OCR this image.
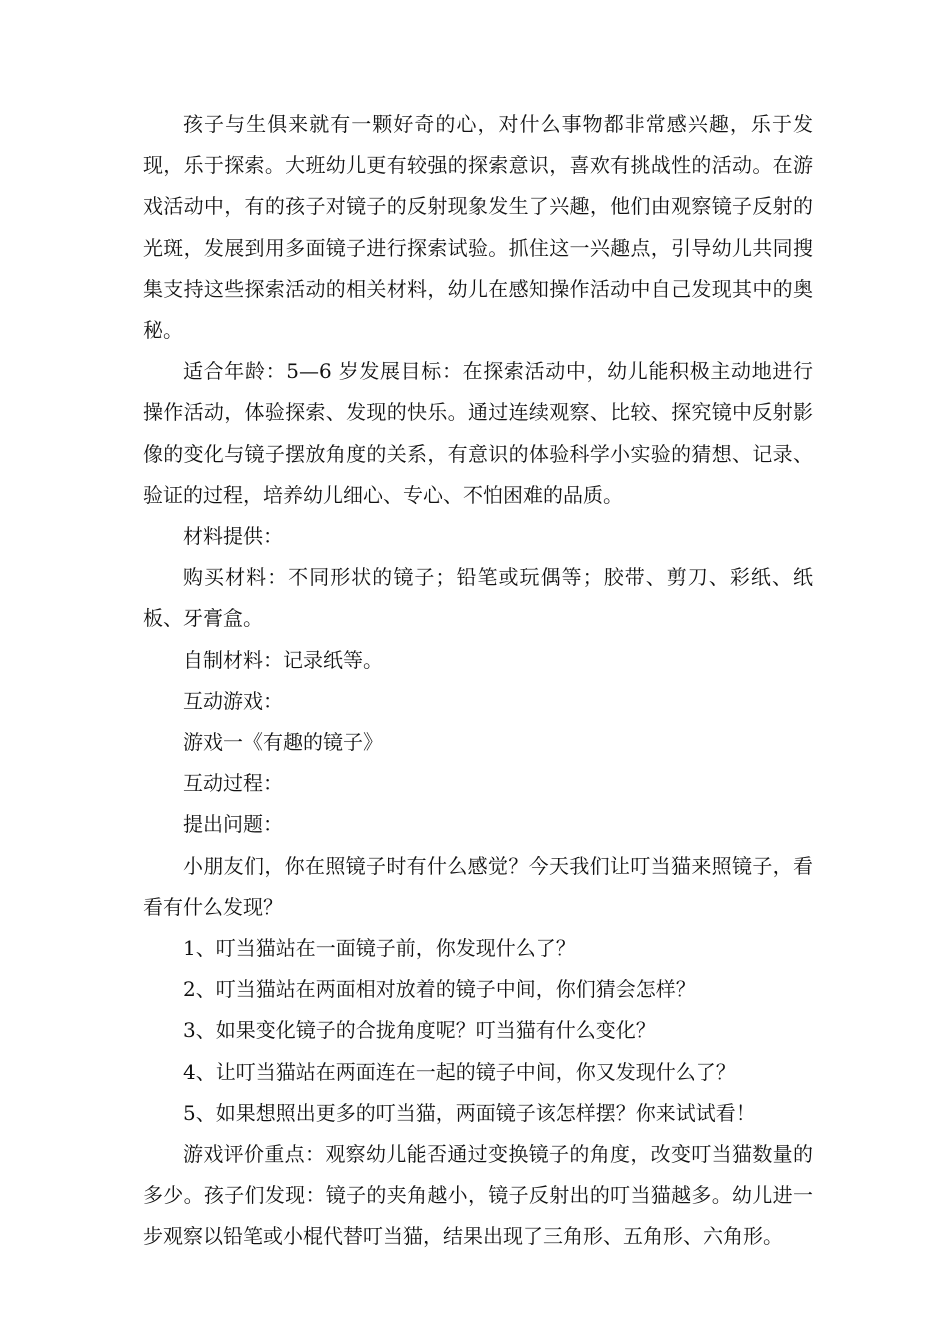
孩子与生俱来就有一颗好奇的心，对什么事物都非常感兴趣，乐于发现，乐于探索。大班幼儿更有较强的探索意识，喜欢有挑战性的活动。在游戏活动中，有的孩子对镜子的反射现象发生了兴趣，他们由观察镜子反射的光斑，发展到用多面镜子进行探索试验。抓住这一兴趣点，引导幼儿共同搜集支持这些探索活动的相关材料，幼儿在感知操作活动中自己发现其中的奥秘。

适合年龄：5—6 岁发展目标：在探索活动中，幼儿能积极主动地进行操作活动，体验探索、发现的快乐。通过连续观察、比较、探究镜中反射影像的变化与镜子摆放角度的关系，有意识的体验科学小实验的猜想、记录、验证的过程，培养幼儿细心、专心、不怕困难的品质。

材料提供：

购买材料：不同形状的镜子；铅笔或玩偶等；胶带、剪刀、彩纸、纸板、牙膏盒。

自制材料：记录纸等。

互动游戏：

游戏一《有趣的镜子》

互动过程：

提出问题：

小朋友们，你在照镜子时有什么感觉？今天我们让叮当猫来照镜子，看看有什么发现？

1、叮当猫站在一面镜子前，你发现什么了？

2、叮当猫站在两面相对放着的镜子中间，你们猜会怎样？

3、如果变化镜子的合拢角度呢？叮当猫有什么变化？

4、让叮当猫站在两面连在一起的镜子中间，你又发现什么了？

5、如果想照出更多的叮当猫，两面镜子该怎样摆？你来试试看！

游戏评价重点：观察幼儿能否通过变换镜子的角度，改变叮当猫数量的多少。孩子们发现：镜子的夹角越小，镜子反射出的叮当猫越多。幼儿进一步观察以铅笔或小棍代替叮当猫，结果出现了三角形、五角形、六角形。
